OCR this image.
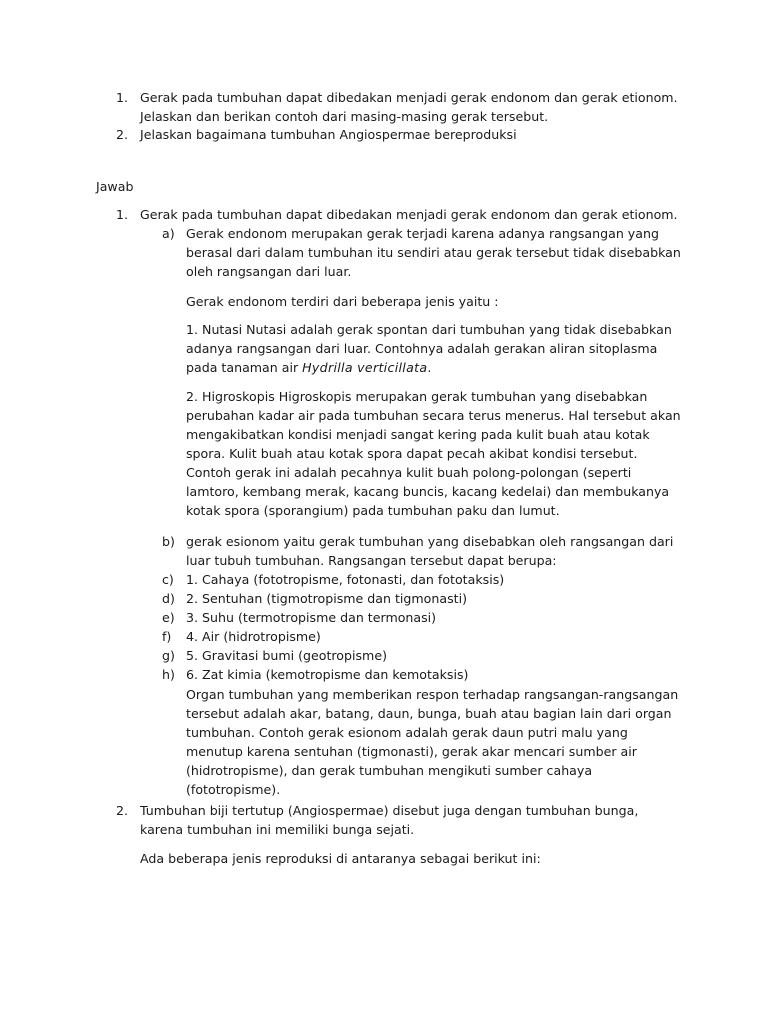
1. Gerak pada tumbuhan dapat dibedakan menjadi gerak endonom dan gerak etionom.

Jelaskan dan berikan contoh dari masing-masing gerak tersebut.

2. Jelaskan bagaimana tumbuhan Angiospermae bereproduksi

Jawab
1. Gerak pada tumbuhan dapat dibedakan menjadi gerak endonom dan gerak etionom.
a) Gerak endonom merupakan gerak terjadi karena adanya rangsangan yang

berasal dari dalam tumbuhan itu sendiri atau gerak tersebut tidak disebabkan

oleh rangsangan dari luar.

Gerak endonom terdiri dari beberapa jenis yaitu :

1. Nutasi Nutasi adalah gerak spontan dari tumbuhan yang tidak disebabkan

adanya rangsangan dari luar. Contohnya adalah gerakan aliran sitoplasma

pada tanaman air Hydrilla verticillata.

2. Higroskopis Higroskopis merupakan gerak tumbuhan yang disebabkan

perubahan kadar air pada tumbuhan secara terus menerus. Hal tersebut akan

mengakibatkan kondisi menjadi sangat kering pada kulit buah atau kotak

spora. Kulit buah atau kotak spora dapat pecah akibat kondisi tersebut.

Contoh gerak ini adalah pecahnya kulit buah polong-polongan (seperti

lamtoro, kembang merak, kacang buncis, kacang kedelai) dan membukanya

kotak spora (sporangium) pada tumbuhan paku dan lumut.

b) gerak esionom yaitu gerak tumbuhan yang disebabkan oleh rangsangan dari

luar tubuh tumbuhan. Rangsangan tersebut dapat berupa:

c) 1. Cahaya (fototropisme, fotonasti, dan fototaksis)
d) 2. Sentuhan (tigmotropisme dan tigmonasti)
e) 3. Suhu (termotropisme dan termonasi)
f) 4. Air (hidrotropisme)
g) 5. Gravitasi bumi (geotropisme)
h) 6. Zat kimia (kemotropisme dan kemotaksis)

Organ tumbuhan yang memberikan respon terhadap rangsangan-rangsangan

tersebut adalah akar, batang, daun, bunga, buah atau bagian lain dari organ

tumbuhan. Contoh gerak esionom adalah gerak daun putri malu yang

menutup karena sentuhan (tigmonasti), gerak akar mencari sumber air

(hidrotropisme), dan gerak tumbuhan mengikuti sumber cahaya

(fototropisme).

2. Tumbuhan biji tertutup (Angiospermae) disebut juga dengan tumbuhan bunga,

karena tumbuhan ini memiliki bunga sejati.

Ada beberapa jenis reproduksi di antaranya sebagai berikut ini:
